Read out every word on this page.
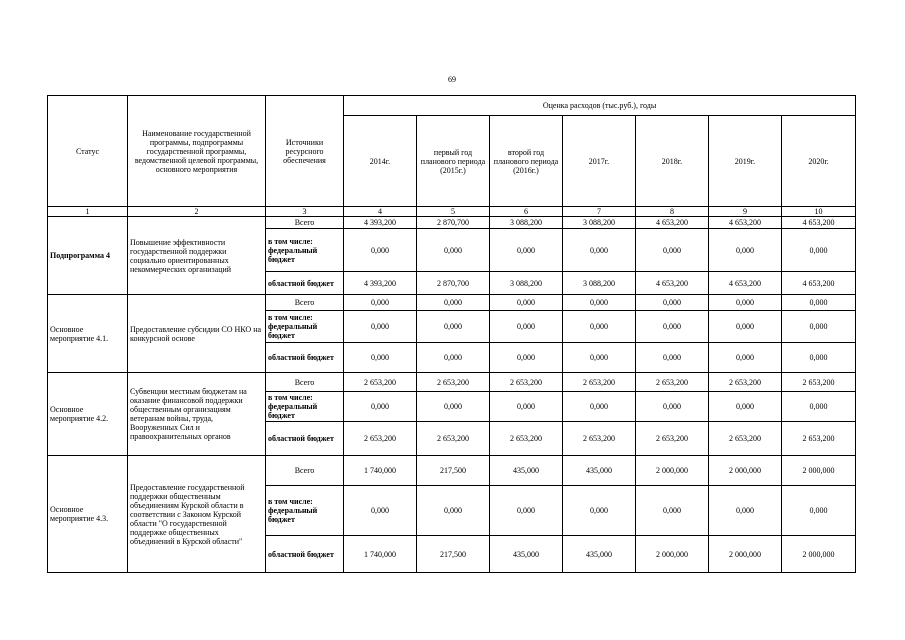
69
Статус	Наименование государственной программы, подпрограммы государственной программы, ведомственной целевой программы, основного мероприятия	Источники ресурсного обеспечения	Оценка расходов (тыс.руб.), годы						
			2014г.	первый год планового периода (2015г.)	второй год планового периода (2016г.)	2017г.	2018г.	2019г.	2020г.
1	2	3	4	5	6	7	8	9	10
Подпрограмма 4	Повышение эффективности государственной поддержки социально ориентированных некоммерческих организаций	Всего	4 393,200	2 870,700	3 088,200	3 088,200	4 653,200	4 653,200	4 653,200
		в том числе: федеральный бюджет	0,000	0,000	0,000	0,000	0,000	0,000	0,000
		областной бюджет	4 393,200	2 870,700	3 088,200	3 088,200	4 653,200	4 653,200	4 653,200
Основное мероприятие 4.1.	Предоставление субсидии СО НКО на конкурсной основе	Всего	0,000	0,000	0,000	0,000	0,000	0,000	0,000
		в том числе: федеральный бюджет	0,000	0,000	0,000	0,000	0,000	0,000	0,000
		областной бюджет	0,000	0,000	0,000	0,000	0,000	0,000	0,000
Основное мероприятие 4.2.	Субвенции местным бюджетам на оказание финансовой поддержки общественным организациям ветеранам войны, труда, Вооруженных Сил и правоохранительных органов	Всего	2 653,200	2 653,200	2 653,200	2 653,200	2 653,200	2 653,200	2 653,200
		в том числе: федеральный бюджет	0,000	0,000	0,000	0,000	0,000	0,000	0,000
		областной бюджет	2 653,200	2 653,200	2 653,200	2 653,200	2 653,200	2 653,200	2 653,200
Основное мероприятие 4.3.	Предоставление государственной поддержки общественным объединениям Курской области в соответствии с Законом Курской области "О государственной поддержке общественных объединений в Курской области"	Всего	1 740,000	217,500	435,000	435,000	2 000,000	2 000,000	2 000,000
		в том числе: федеральный бюджет	0,000	0,000	0,000	0,000	0,000	0,000	0,000
		областной бюджет	1 740,000	217,500	435,000	435,000	2 000,000	2 000,000	2 000,000
